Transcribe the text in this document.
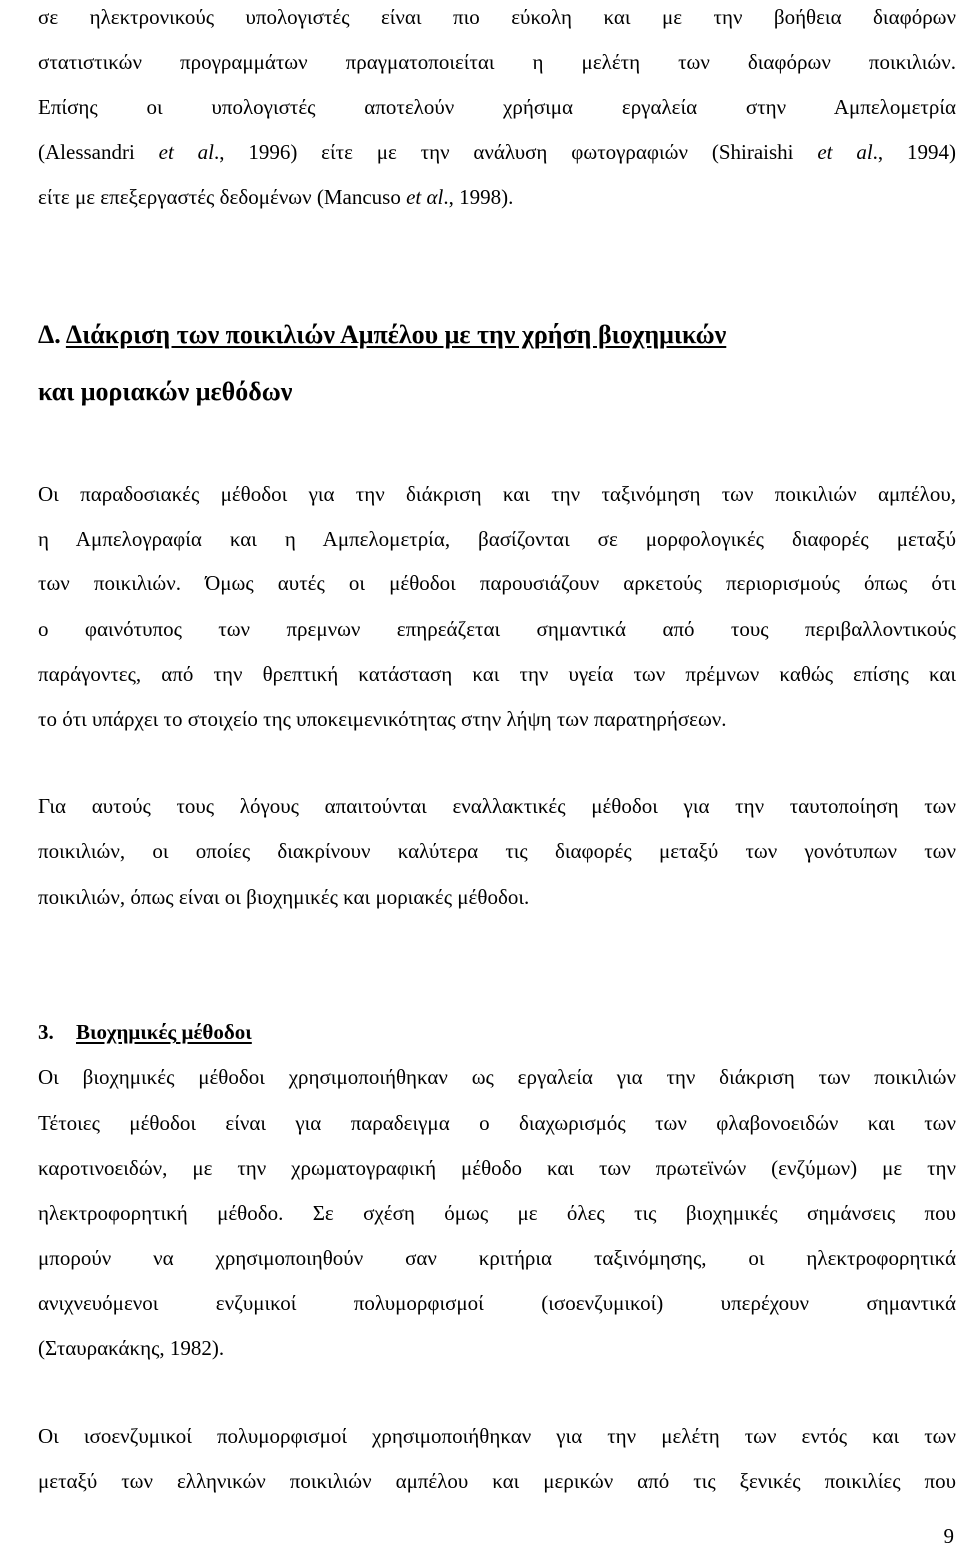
σε ηλεκτρονικούς υπολογιστές είναι πιο εύκολη και με την βοήθεια διαφόρων
στατιστικών προγραμμάτων πραγματοποιείται η μελέτη των διαφόρων ποικιλιών.
Επίσης οι υπολογιστές αποτελούν χρήσιμα εργαλεία στην Αμπελομετρία
(Alessandri et al., 1996) είτε με την ανάλυση φωτογραφιών (Shiraishi et al., 1994)
είτε με επεξεργαστές δεδομένων (Mancuso et αl., 1998).
Δ. Διάκριση των ποικιλιών Αμπέλου με την χρήση βιοχημικών
και μοριακών μεθόδων
Οι παραδοσιακές μέθοδοι για την διάκριση και την ταξινόμηση των ποικιλιών αμπέλου,
η Αμπελογραφία και η Αμπελομετρία, βασίζονται σε μορφολογικές διαφορές μεταξύ
των ποικιλιών. Όμως αυτές οι μέθοδοι παρουσιάζουν αρκετούς περιορισμούς όπως ότι
ο φαινότυπος των πρεμνων επηρεάζεται σημαντικά από τους περιβαλλοντικούς
παράγοντες, από την θρεπτική κατάσταση και την υγεία των πρέμνων καθώς επίσης και
το ότι υπάρχει το στοιχείο της υποκειμενικότητας στην λήψη των παρατηρήσεων.
Για αυτούς τους λόγους απαιτούνται εναλλακτικές μέθοδοι για την ταυτοποίηση των
ποικιλιών, οι οποίες διακρίνουν καλύτερα τις διαφορές μεταξύ των γονότυπων των
ποικιλιών, όπως είναι οι βιοχημικές και μοριακές μέθοδοι.
3. Βιοχημικές μέθοδοι
Οι βιοχημικές μέθοδοι χρησιμοποιήθηκαν ως εργαλεία για την διάκριση των ποικιλιών
Τέτοιες μέθοδοι είναι για παραδειγμα ο διαχωρισμός των φλαβονοειδών και των
καροτινοειδών, με την χρωματογραφική μέθοδο και των πρωτεϊνών (ενζύμων) με την
ηλεκτροφορητική μέθοδο. Σε σχέση όμως με όλες τις βιοχημικές σημάνσεις που
μπορούν να χρησιμοποιηθούν σαν κριτήρια ταξινόμησης, οι ηλεκτροφορητικά
ανιχνευόμενοι ενζυμικοί πολυμορφισμοί (ισοενζυμικοί) υπερέχουν σημαντικά
(Σταυρακάκης, 1982).
Οι ισοενζυμικοί πολυμορφισμοί χρησιμοποιήθηκαν για την μελέτη των εντός και των
μεταξύ των ελληνικών ποικιλιών αμπέλου και μερικών από τις ξενικές ποικιλίες που
9
